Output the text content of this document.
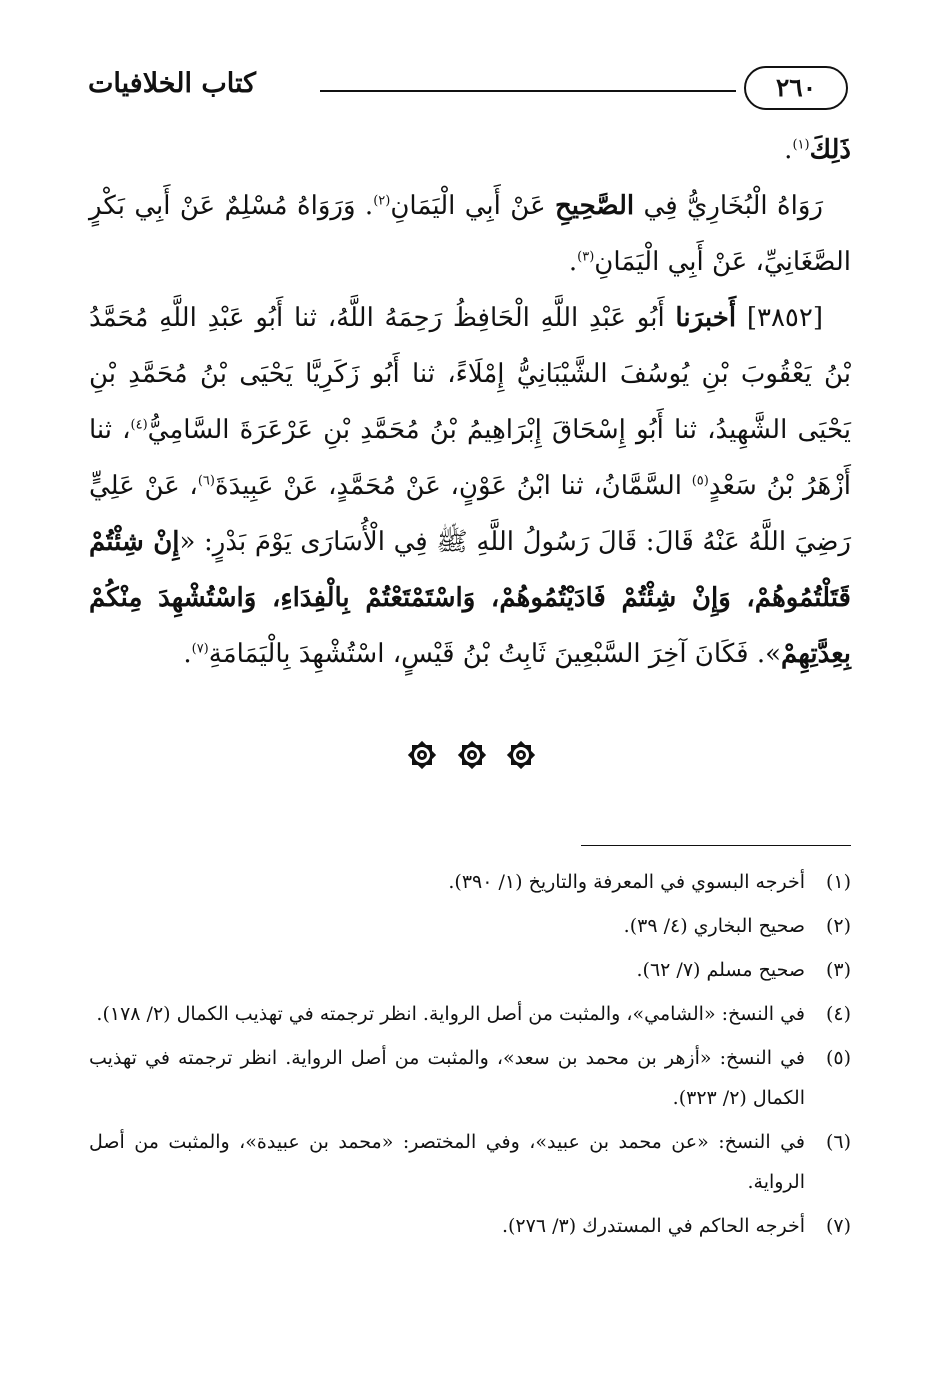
٢٦٠
كتاب الخلافيات

ذَلِكَ$^{(١)}$.

رَوَاهُ الْبُخَارِيُّ فِي الصَّحِيحِ عَنْ أَبِي الْيَمَانِ$^{(٢)}$. وَرَوَاهُ مُسْلِمٌ عَنْ أَبِي بَكْرٍ الصَّغَانِيِّ، عَنْ أَبِي الْيَمَانِ$^{(٣)}$.

[٣٨٥٢] أَخبرَنا أَبُو عَبْدِ اللَّهِ الْحَافِظُ رَحِمَهُ اللَّهُ، ثنا أَبُو عَبْدِ اللَّهِ مُحَمَّدُ بْنُ يَعْقُوبَ بْنِ يُوسُفَ الشَّيْبَانِيُّ إِمْلَاءً، ثنا أَبُو زَكَرِيَّا يَحْيَى بْنُ مُحَمَّدِ بْنِ يَحْيَى الشَّهِيدُ، ثنا أَبُو إِسْحَاقَ إِبْرَاهِيمُ بْنُ مُحَمَّدِ بْنِ عَرْعَرَةَ السَّامِيُّ$^{(٤)}$، ثنا أَزْهَرُ بْنُ سَعْدٍ$^{(٥)}$ السَّمَّانُ، ثنا ابْنُ عَوْنٍ، عَنْ مُحَمَّدٍ، عَنْ عَبِيدَةَ$^{(٦)}$، عَنْ عَلِيٍّ رَضِيَ اللَّهُ عَنْهُ قَالَ: قَالَ رَسُولُ اللَّهِ ﷺ فِي الْأُسَارَى يَوْمَ بَدْرٍ: «إِنْ شِئْتُمْ قَتَلْتُمُوهُمْ، وَإِنْ شِئْتُمْ فَادَيْتُمُوهُمْ، وَاسْتَمْتَعْتُمْ بِالْفِدَاءِ، وَاسْتُشْهِدَ مِنْكُمْ بِعِدَّتِهِمْ». فَكَانَ آخِرَ السَّبْعِينَ ثَابِتُ بْنُ قَيْسٍ، اسْتُشْهِدَ بِالْيَمَامَةِ$^{(٧)}$.

(١)
أخرجه البسوي في المعرفة والتاريخ (١/ ٣٩٠).
(٢)
صحيح البخاري (٤/ ٣٩).
(٣)
صحيح مسلم (٧/ ٦٢).
(٤)
في النسخ: «الشامي»، والمثبت من أصل الرواية. انظر ترجمته في تهذيب الكمال (٢/ ١٧٨).
(٥)
في النسخ: «أزهر بن محمد بن سعد»، والمثبت من أصل الرواية. انظر ترجمته في تهذيب الكمال (٢/ ٣٢٣).
(٦)
في النسخ: «عن محمد بن عبيد»، وفي المختصر: «محمد بن عبيدة»، والمثبت من أصل الرواية.
(٧)
أخرجه الحاكم في المستدرك (٣/ ٢٧٦).
